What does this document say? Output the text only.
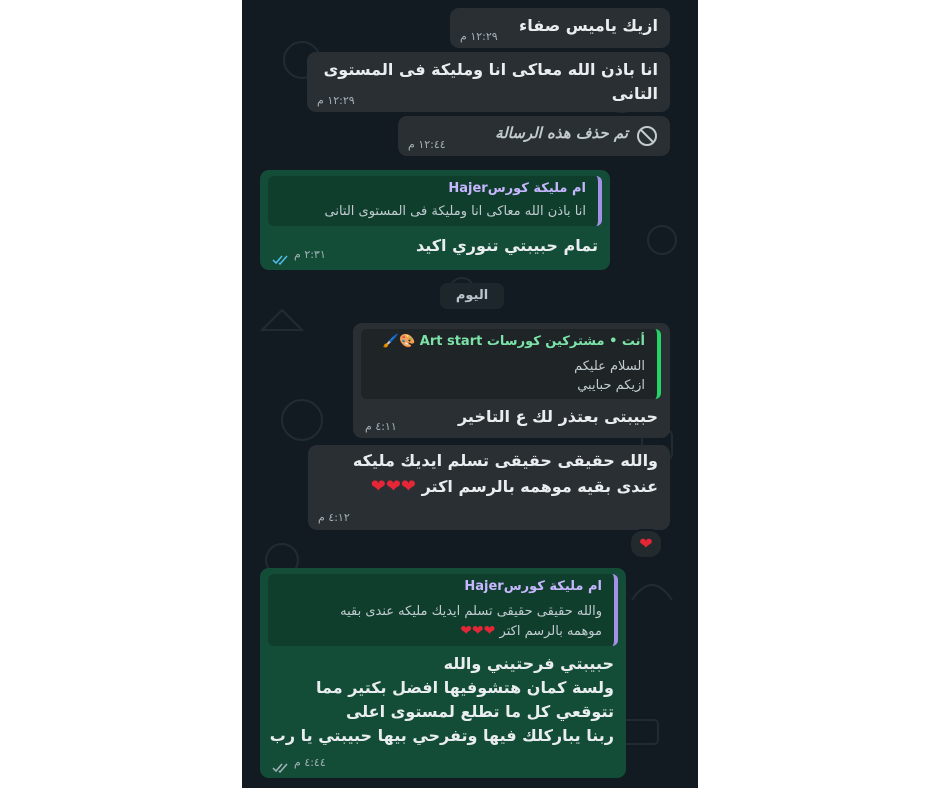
ازيك ياميس صفاء
١٢:٢٩ م
انا باذن الله معاكى انا ومليكة فى المستوى
التانى
١٢:٢٩ م
تم حذف هذه الرسالة
١٢:٤٤ م
ام مليكة كورسHajer
انا باذن الله معاكى انا ومليكة فى المستوى التانى
تمام حبيبتي تنوري اكيد
٢:٣١ م
اليوم
أنت • مشتركين كورسات Art start 🎨🖌️
السلام عليكم
ازيكم حبايبي
حبيبتى بعتذر لك ع التاخير
٤:١١ م
والله حقيقى حقيقى تسلم ايديك مليكه
عندى بقيه موهمه بالرسم اكتر ❤❤❤
٤:١٢ م
❤
ام مليكة كورسHajer
والله حقيقى حقيقى تسلم ايديك مليكه عندى بقيه
موهمه بالرسم اكتر ❤❤❤
حبيبتي فرحتيني والله
ولسة كمان هتشوفيها افضل بكتير مما
تتوقعي كل ما تطلع لمستوى اعلى
ربنا يباركلك فيها وتفرحي بيها حبيبتي يا رب
٤:٤٤ م
